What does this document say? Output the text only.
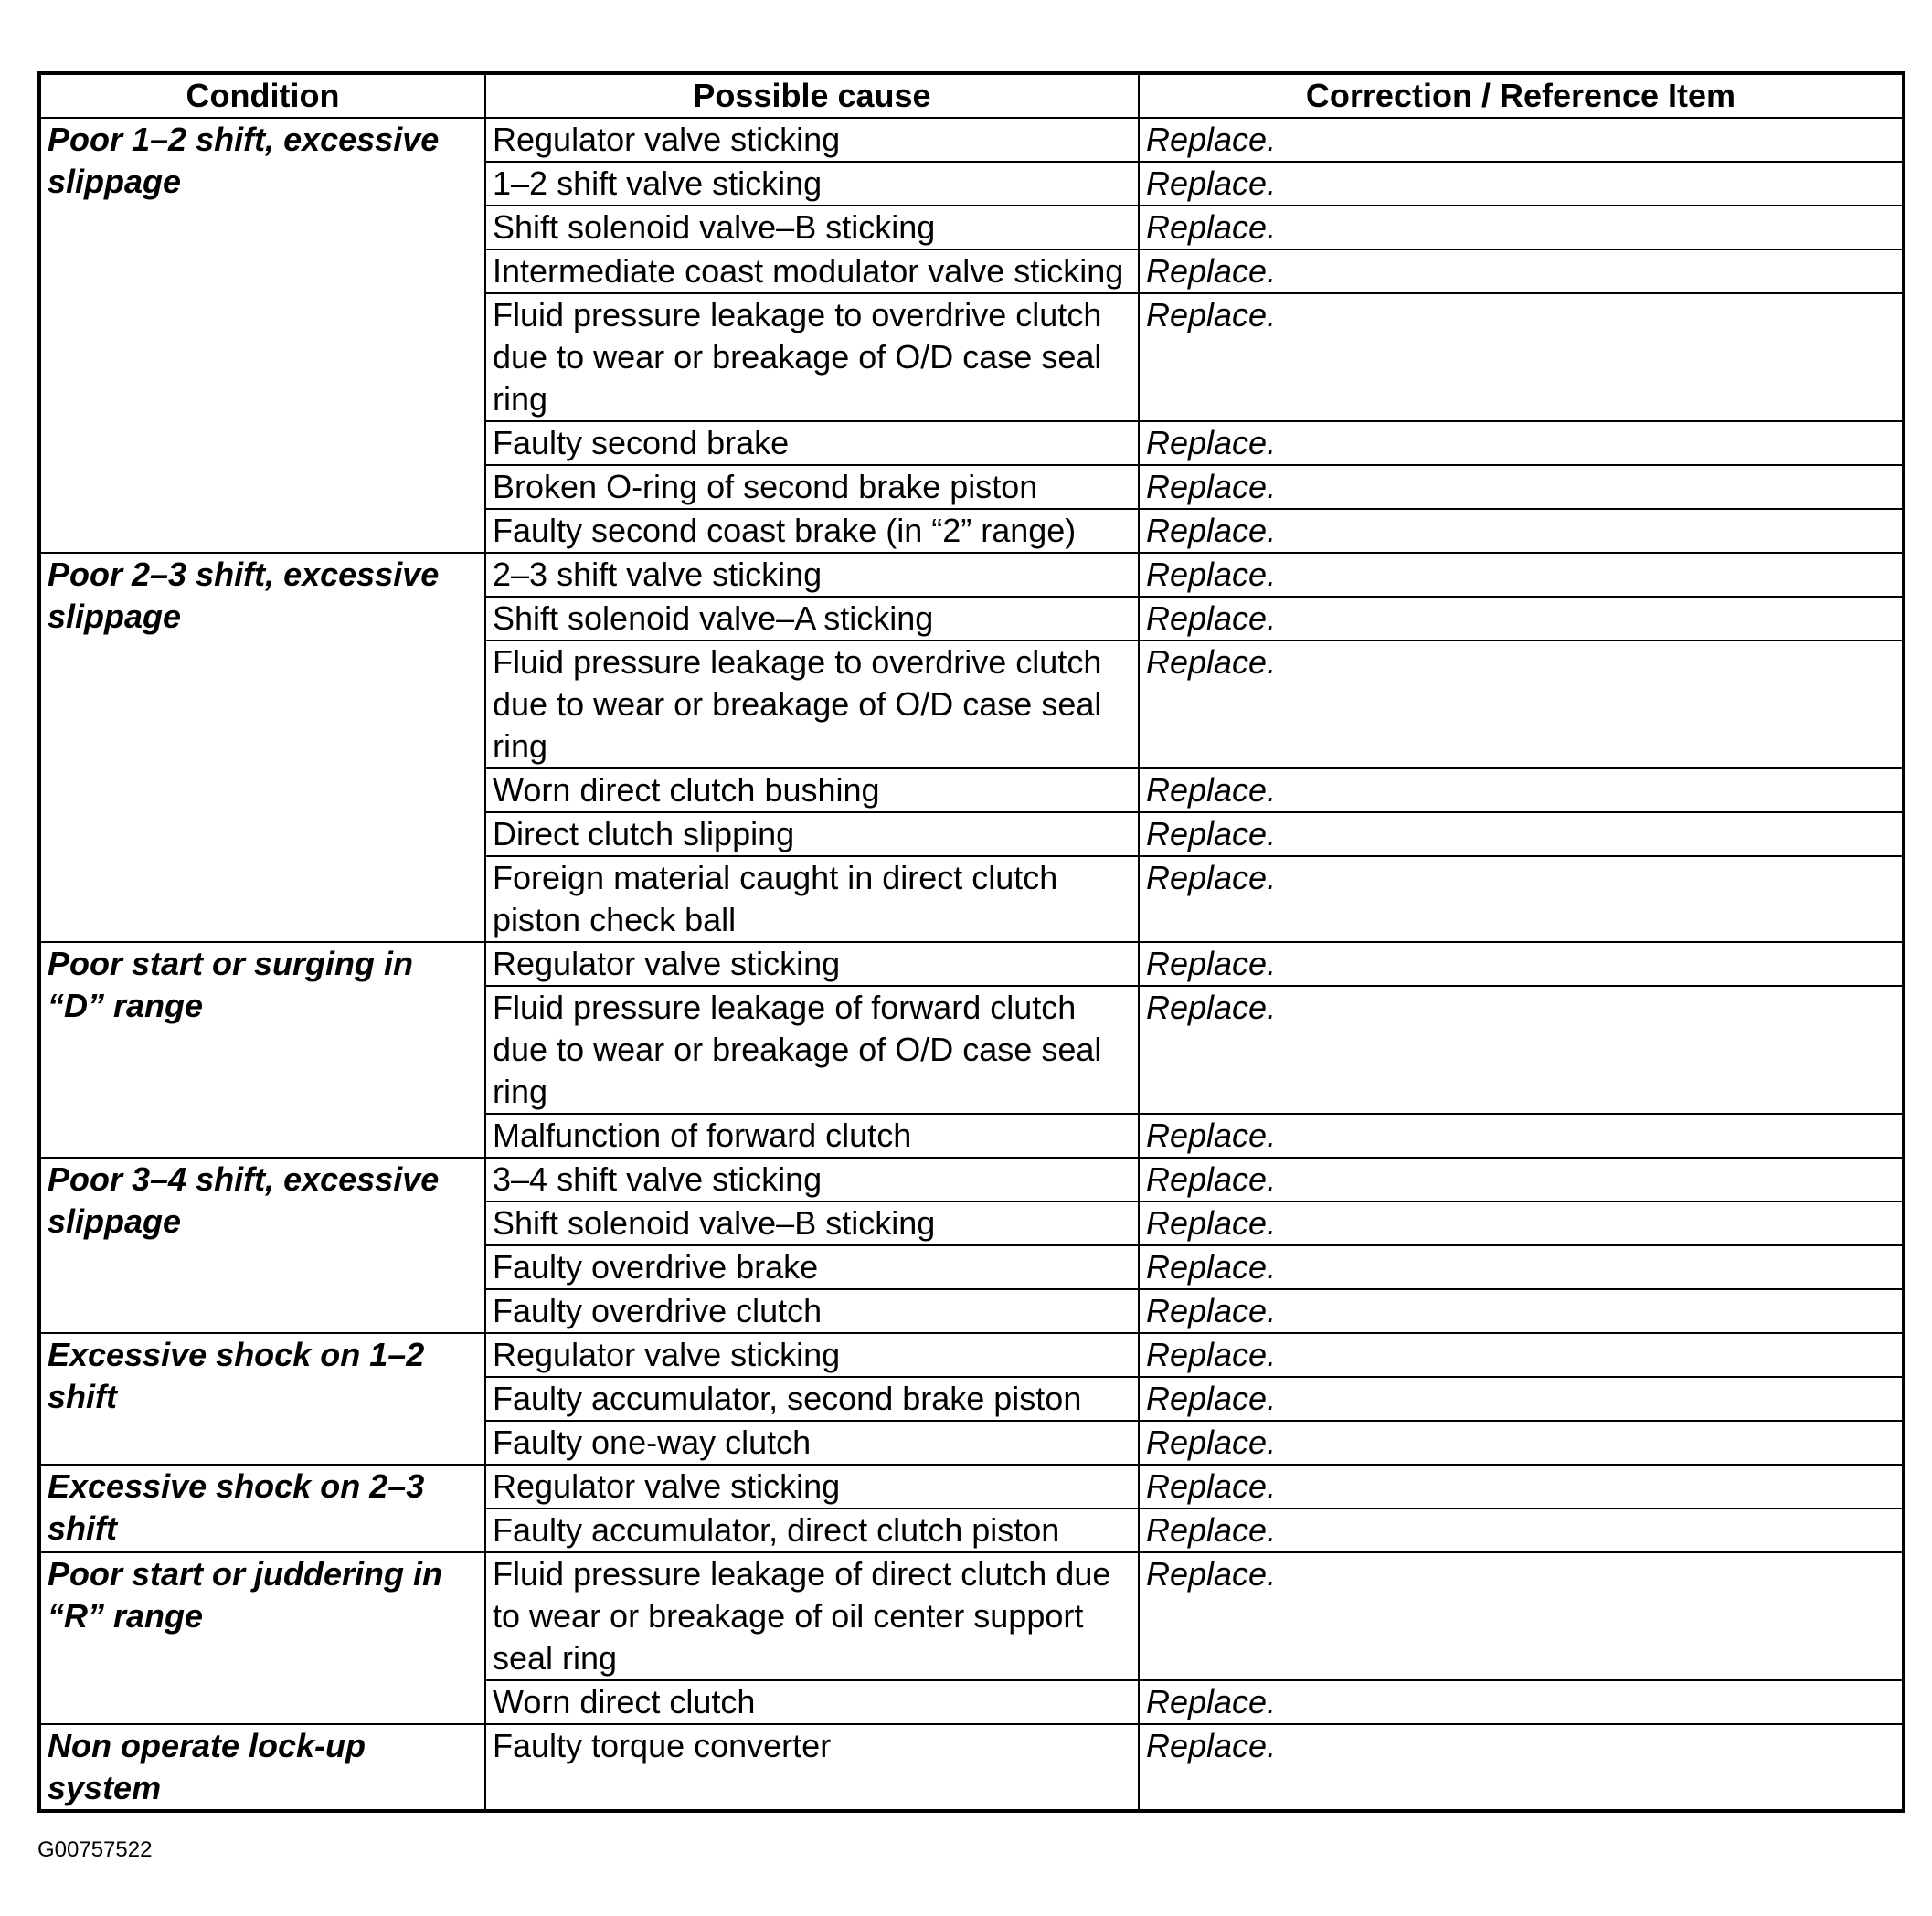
Condition	Possible cause	Correction / Reference Item
Poor 1–2 shift, excessive slippage	Regulator valve sticking	Replace.
	1–2 shift valve sticking	Replace.
	Shift solenoid valve–B sticking	Replace.
	Intermediate coast modulator valve sticking	Replace.
	Fluid pressure leakage to overdrive clutch due to wear or breakage of O/D case seal ring	Replace.
	Faulty second brake	Replace.
	Broken O-ring of second brake piston	Replace.
	Faulty second coast brake (in “2” range)	Replace.
Poor 2–3 shift, excessive slippage	2–3 shift valve sticking	Replace.
	Shift solenoid valve–A sticking	Replace.
	Fluid pressure leakage to overdrive clutch due to wear or breakage of O/D case seal ring	Replace.
	Worn direct clutch bushing	Replace.
	Direct clutch slipping	Replace.
	Foreign material caught in direct clutch piston check ball	Replace.
Poor start or surging in “D” range	Regulator valve sticking	Replace.
	Fluid pressure leakage of forward clutch due to wear or breakage of O/D case seal ring	Replace.
	Malfunction of forward clutch	Replace.
Poor 3–4 shift, excessive slippage	3–4 shift valve sticking	Replace.
	Shift solenoid valve–B sticking	Replace.
	Faulty overdrive brake	Replace.
	Faulty overdrive clutch	Replace.
Excessive shock on 1–2 shift	Regulator valve sticking	Replace.
	Faulty accumulator, second brake piston	Replace.
	Faulty one-way clutch	Replace.
Excessive shock on 2–3 shift	Regulator valve sticking	Replace.
	Faulty accumulator, direct clutch piston	Replace.
Poor start or juddering in “R” range	Fluid pressure leakage of direct clutch due to wear or breakage of oil center support seal ring	Replace.
	Worn direct clutch	Replace.
Non operate lock-up system	Faulty torque converter	Replace.
G00757522
